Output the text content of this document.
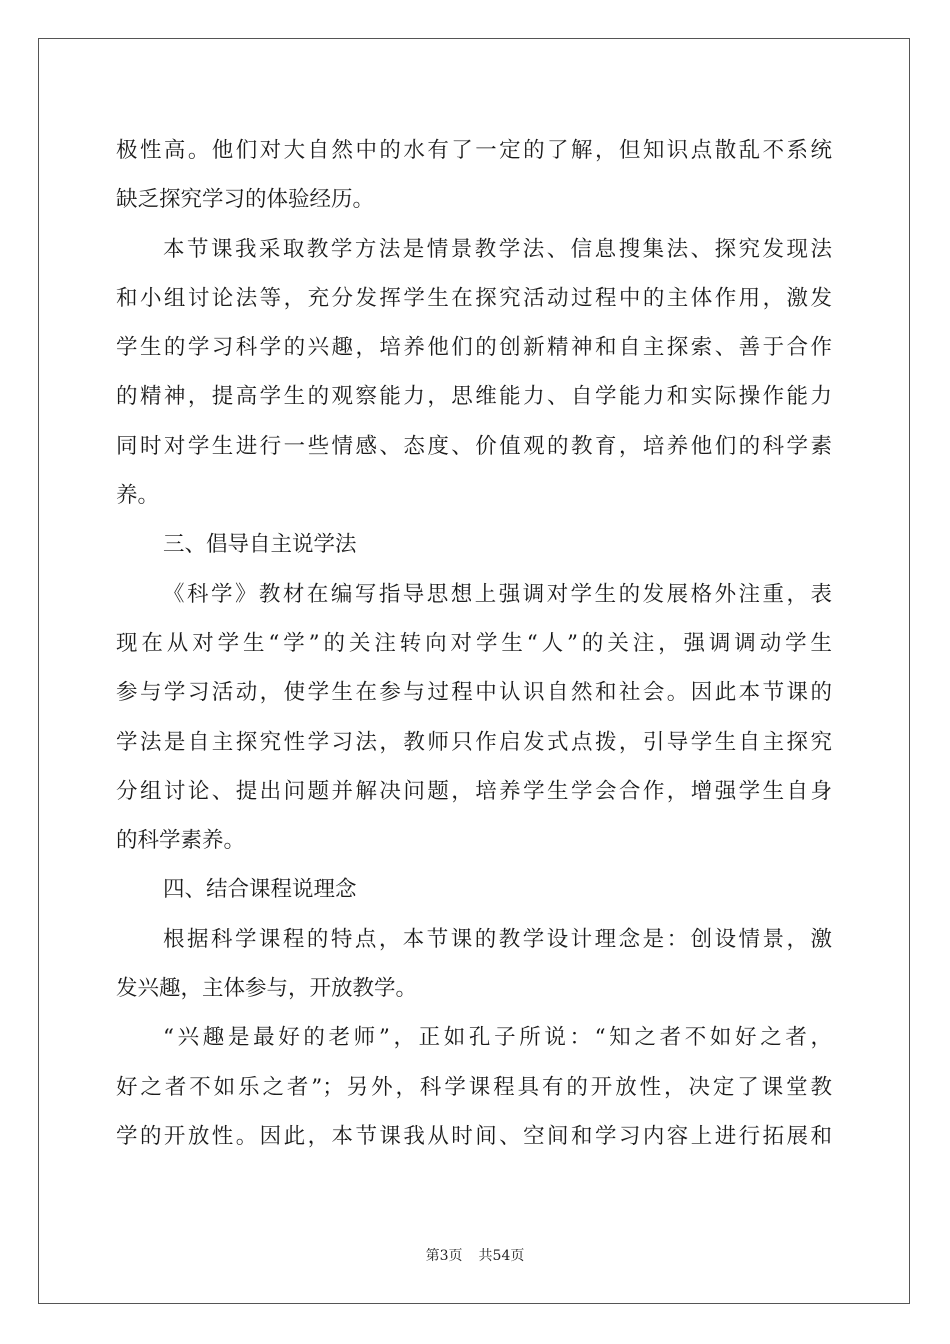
极性高。他们对大自然中的水有了一定的了解，但知识点散乱不系统
缺乏探究学习的体验经历。
本节课我采取教学方法是情景教学法、信息搜集法、探究发现法
和小组讨论法等，充分发挥学生在探究活动过程中的主体作用，激发
学生的学习科学的兴趣，培养他们的创新精神和自主探索、善于合作
的精神，提高学生的观察能力，思维能力、自学能力和实际操作能力
同时对学生进行一些情感、态度、价值观的教育，培养他们的科学素
养。
三、倡导自主说学法
《科学》教材在编写指导思想上强调对学生的发展格外注重，表
现在从对学生“学”的关注转向对学生“人”的关注，强调调动学生
参与学习活动，使学生在参与过程中认识自然和社会。因此本节课的
学法是自主探究性学习法，教师只作启发式点拨，引导学生自主探究
分组讨论、提出问题并解决问题，培养学生学会合作，增强学生自身
的科学素养。
四、结合课程说理念
根据科学课程的特点，本节课的教学设计理念是：创设情景，激
发兴趣，主体参与，开放教学。
“兴趣是最好的老师”，正如孔子所说：“知之者不如好之者，
好之者不如乐之者”；另外，科学课程具有的开放性，决定了课堂教
学的开放性。因此，本节课我从时间、空间和学习内容上进行拓展和
第3页 共54页
